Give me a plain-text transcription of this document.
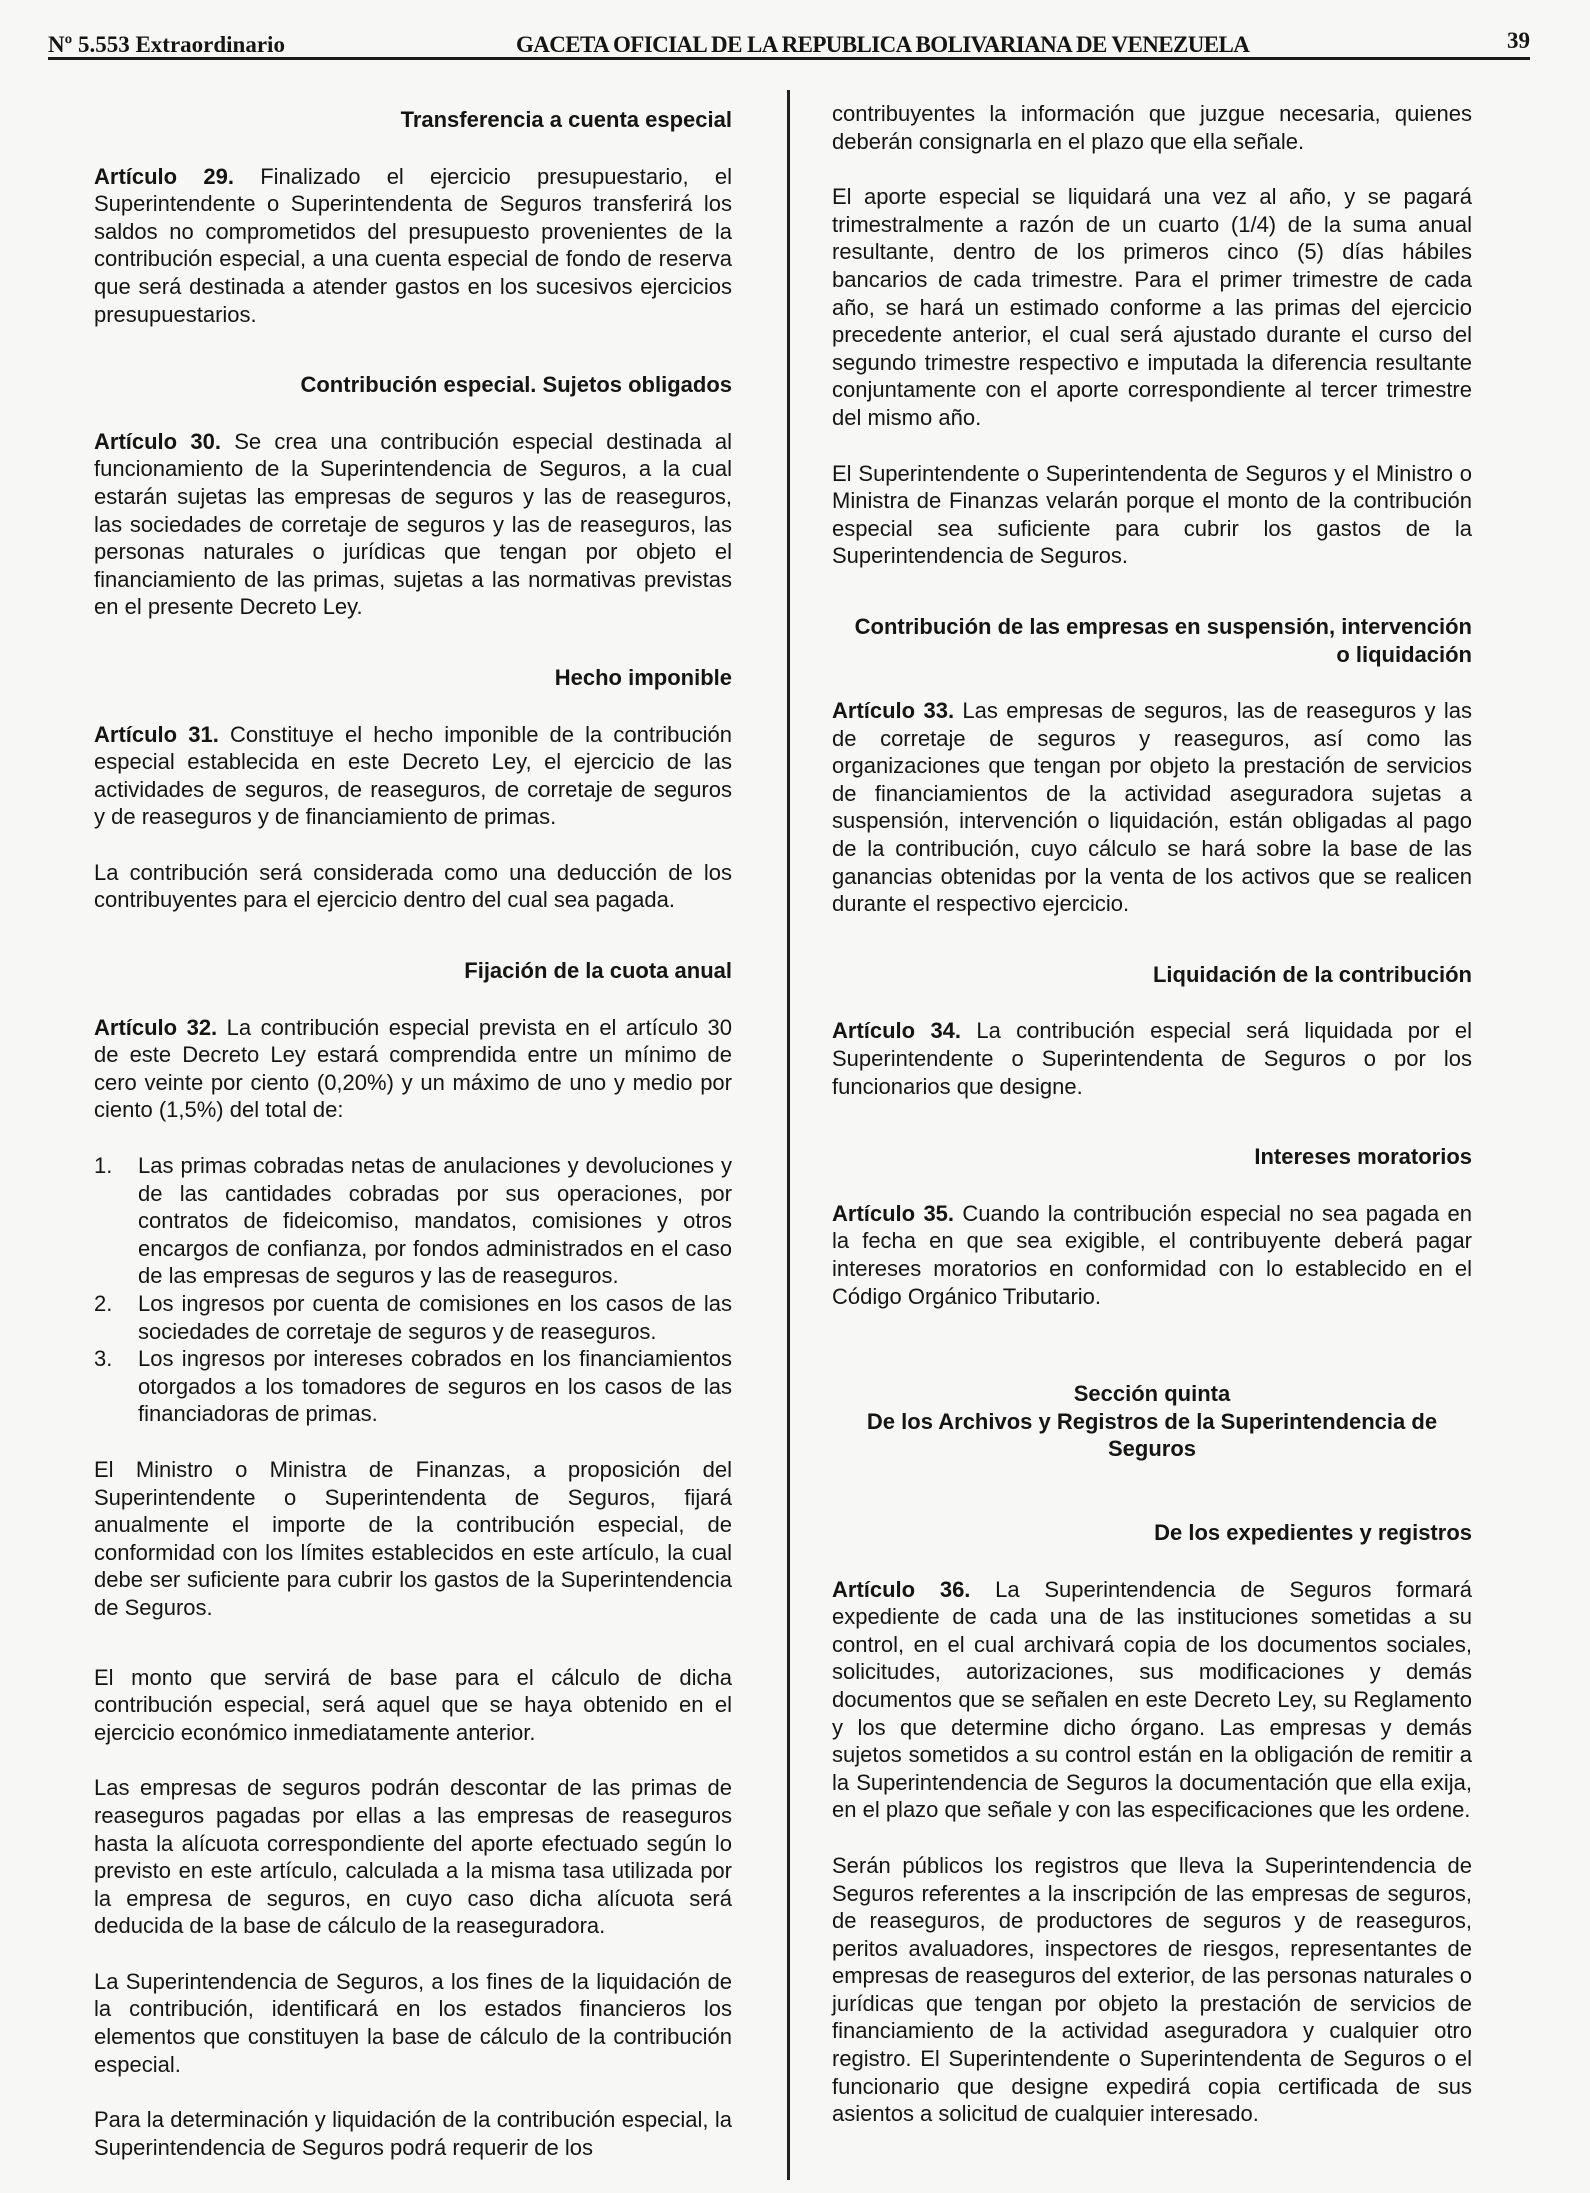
Nº 5.553 Extraordinario	GACETA OFICIAL DE LA REPUBLICA BOLIVARIANA DE VENEZUELA	39

Transferencia a cuenta especial

Artículo 29. Finalizado el ejercicio presupuestario, el Superintendente o Superintendenta de Seguros transferirá los saldos no comprometidos del presupuesto provenientes de la contribución especial, a una cuenta especial de fondo de reserva que será destinada a atender gastos en los sucesivos ejercicios presupuestarios.

Contribución especial. Sujetos obligados

Artículo 30. Se crea una contribución especial destinada al funcionamiento de la Superintendencia de Seguros, a la cual estarán sujetas las empresas de seguros y las de reaseguros, las sociedades de corretaje de seguros y las de reaseguros, las personas naturales o jurídicas que tengan por objeto el financiamiento de las primas, sujetas a las normativas previstas en el presente Decreto Ley.

Hecho imponible

Artículo 31. Constituye el hecho imponible de la contribución especial establecida en este Decreto Ley, el ejercicio de las actividades de seguros, de reaseguros, de corretaje de seguros y de reaseguros y de financiamiento de primas.

La contribución será considerada como una deducción de los contribuyentes para el ejercicio dentro del cual sea pagada.

Fijación de la cuota anual

Artículo 32. La contribución especial prevista en el artículo 30 de este Decreto Ley estará comprendida entre un mínimo de cero veinte por ciento (0,20%) y un máximo de uno y medio por ciento (1,5%) del total de:

1. Las primas cobradas netas de anulaciones y devoluciones y de las cantidades cobradas por sus operaciones, por contratos de fideicomiso, mandatos, comisiones y otros encargos de confianza, por fondos administrados en el caso de las empresas de seguros y las de reaseguros.
2. Los ingresos por cuenta de comisiones en los casos de las sociedades de corretaje de seguros y de reaseguros.
3. Los ingresos por intereses cobrados en los financiamientos otorgados a los tomadores de seguros en los casos de las financiadoras de primas.

El Ministro o Ministra de Finanzas, a proposición del Superintendente o Superintendenta de Seguros, fijará anualmente el importe de la contribución especial, de conformidad con los límites establecidos en este artículo, la cual debe ser suficiente para cubrir los gastos de la Superintendencia de Seguros.

El monto que servirá de base para el cálculo de dicha contribución especial, será aquel que se haya obtenido en el ejercicio económico inmediatamente anterior.

Las empresas de seguros podrán descontar de las primas de reaseguros pagadas por ellas a las empresas de reaseguros hasta la alícuota correspondiente del aporte efectuado según lo previsto en este artículo, calculada a la misma tasa utilizada por la empresa de seguros, en cuyo caso dicha alícuota será deducida de la base de cálculo de la reaseguradora.

La Superintendencia de Seguros, a los fines de la liquidación de la contribución, identificará en los estados financieros los elementos que constituyen la base de cálculo de la contribución especial.

Para la determinación y liquidación de la contribución especial, la Superintendencia de Seguros podrá requerir de los

contribuyentes la información que juzgue necesaria, quienes deberán consignarla en el plazo que ella señale.

El aporte especial se liquidará una vez al año, y se pagará trimestralmente a razón de un cuarto (1/4) de la suma anual resultante, dentro de los primeros cinco (5) días hábiles bancarios de cada trimestre. Para el primer trimestre de cada año, se hará un estimado conforme a las primas del ejercicio precedente anterior, el cual será ajustado durante el curso del segundo trimestre respectivo e imputada la diferencia resultante conjuntamente con el aporte correspondiente al tercer trimestre del mismo año.

El Superintendente o Superintendenta de Seguros y el Ministro o Ministra de Finanzas velarán porque el monto de la contribución especial sea suficiente para cubrir los gastos de la Superintendencia de Seguros.

Contribución de las empresas en suspensión, intervención
o liquidación

Artículo 33. Las empresas de seguros, las de reaseguros y las de corretaje de seguros y reaseguros, así como las organizaciones que tengan por objeto la prestación de servicios de financiamientos de la actividad aseguradora sujetas a suspensión, intervención o liquidación, están obligadas al pago de la contribución, cuyo cálculo se hará sobre la base de las ganancias obtenidas por la venta de los activos que se realicen durante el respectivo ejercicio.

Liquidación de la contribución

Artículo 34. La contribución especial será liquidada por el Superintendente o Superintendenta de Seguros o por los funcionarios que designe.

Intereses moratorios

Artículo 35. Cuando la contribución especial no sea pagada en la fecha en que sea exigible, el contribuyente deberá pagar intereses moratorios en conformidad con lo establecido en el Código Orgánico Tributario.

Sección quinta
De los Archivos y Registros de la Superintendencia de
Seguros

De los expedientes y registros

Artículo 36. La Superintendencia de Seguros formará expediente de cada una de las instituciones sometidas a su control, en el cual archivará copia de los documentos sociales, solicitudes, autorizaciones, sus modificaciones y demás documentos que se señalen en este Decreto Ley, su Reglamento y los que determine dicho órgano. Las empresas y demás sujetos sometidos a su control están en la obligación de remitir a la Superintendencia de Seguros la documentación que ella exija, en el plazo que señale y con las especificaciones que les ordene.

Serán públicos los registros que lleva la Superintendencia de Seguros referentes a la inscripción de las empresas de seguros, de reaseguros, de productores de seguros y de reaseguros, peritos avaluadores, inspectores de riesgos, representantes de empresas de reaseguros del exterior, de las personas naturales o jurídicas que tengan por objeto la prestación de servicios de financiamiento de la actividad aseguradora y cualquier otro registro. El Superintendente o Superintendenta de Seguros o el funcionario que designe expedirá copia certificada de sus asientos a solicitud de cualquier interesado.
